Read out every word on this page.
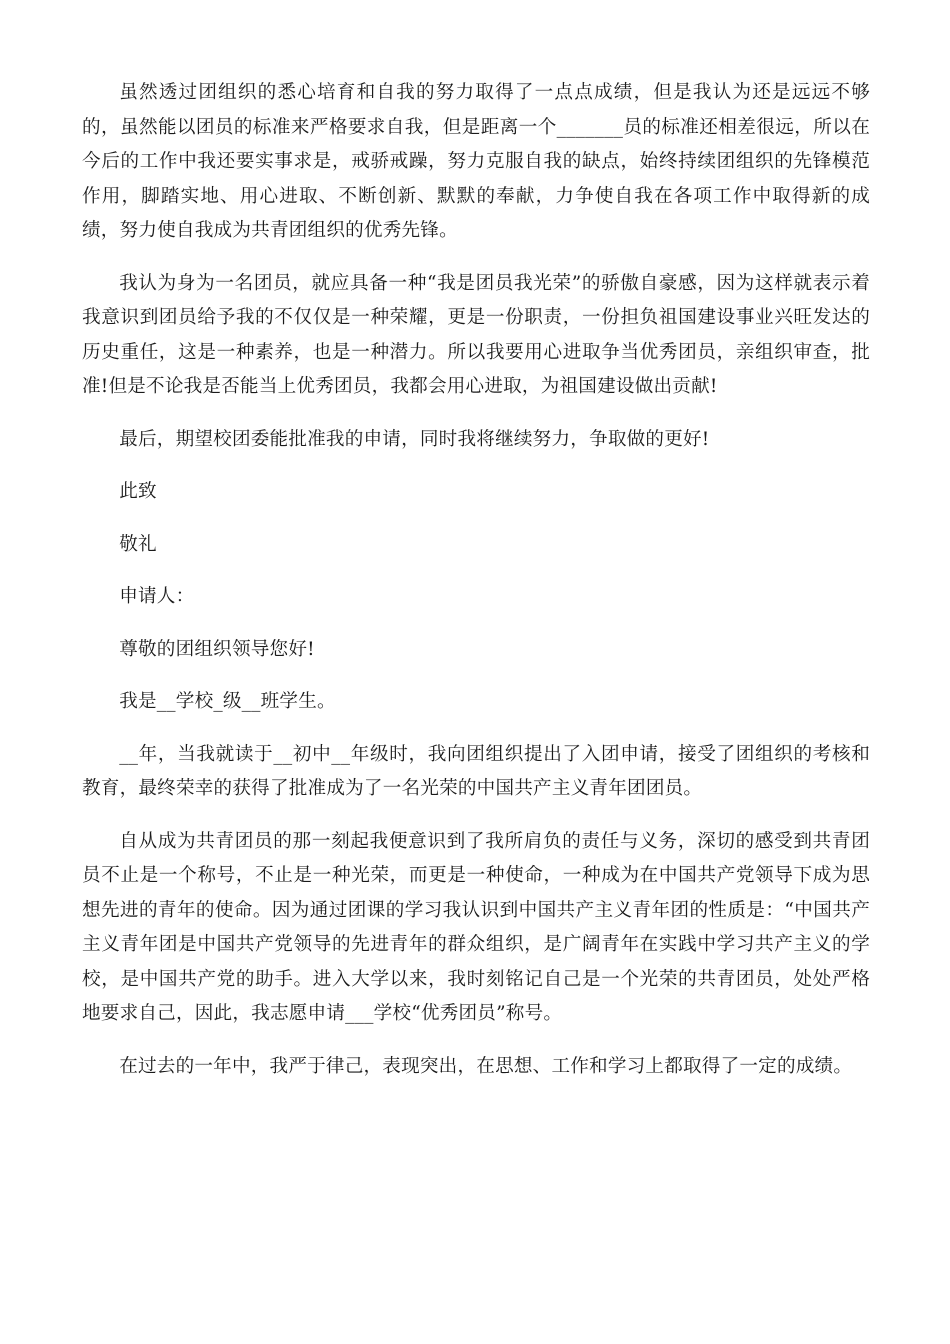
虽然透过团组织的悉心培育和自我的努力取得了一点点成绩，但是我认为还是远远不够的，虽然能以团员的标准来严格要求自我，但是距离一个_______员的标准还相差很远，所以在今后的工作中我还要实事求是，戒骄戒躁，努力克服自我的缺点，始终持续团组织的先锋模范作用，脚踏实地、用心进取、不断创新、默默的奉献，力争使自我在各项工作中取得新的成绩，努力使自我成为共青团组织的优秀先锋。

我认为身为一名团员，就应具备一种“我是团员我光荣”的骄傲自豪感，因为这样就表示着我意识到团员给予我的不仅仅是一种荣耀，更是一份职责，一份担负祖国建设事业兴旺发达的历史重任，这是一种素养，也是一种潜力。所以我要用心进取争当优秀团员，亲组织审查，批准!但是不论我是否能当上优秀团员，我都会用心进取，为祖国建设做出贡献!

最后，期望校团委能批准我的申请，同时我将继续努力，争取做的更好!

此致

敬礼

申请人：

尊敬的团组织领导您好!

我是__学校_级__班学生。

__年，当我就读于__初中__年级时，我向团组织提出了入团申请，接受了团组织的考核和教育，最终荣幸的获得了批准成为了一名光荣的中国共产主义青年团团员。

自从成为共青团员的那一刻起我便意识到了我所肩负的责任与义务，深切的感受到共青团员不止是一个称号，不止是一种光荣，而更是一种使命，一种成为在中国共产党领导下成为思想先进的青年的使命。因为通过团课的学习我认识到中国共产主义青年团的性质是：“中国共产主义青年团是中国共产党领导的先进青年的群众组织，是广阔青年在实践中学习共产主义的学校，是中国共产党的助手。进入大学以来，我时刻铭记自己是一个光荣的共青团员，处处严格地要求自己，因此，我志愿申请___学校“优秀团员”称号。

在过去的一年中，我严于律己，表现突出，在思想、工作和学习上都取得了一定的成绩。
